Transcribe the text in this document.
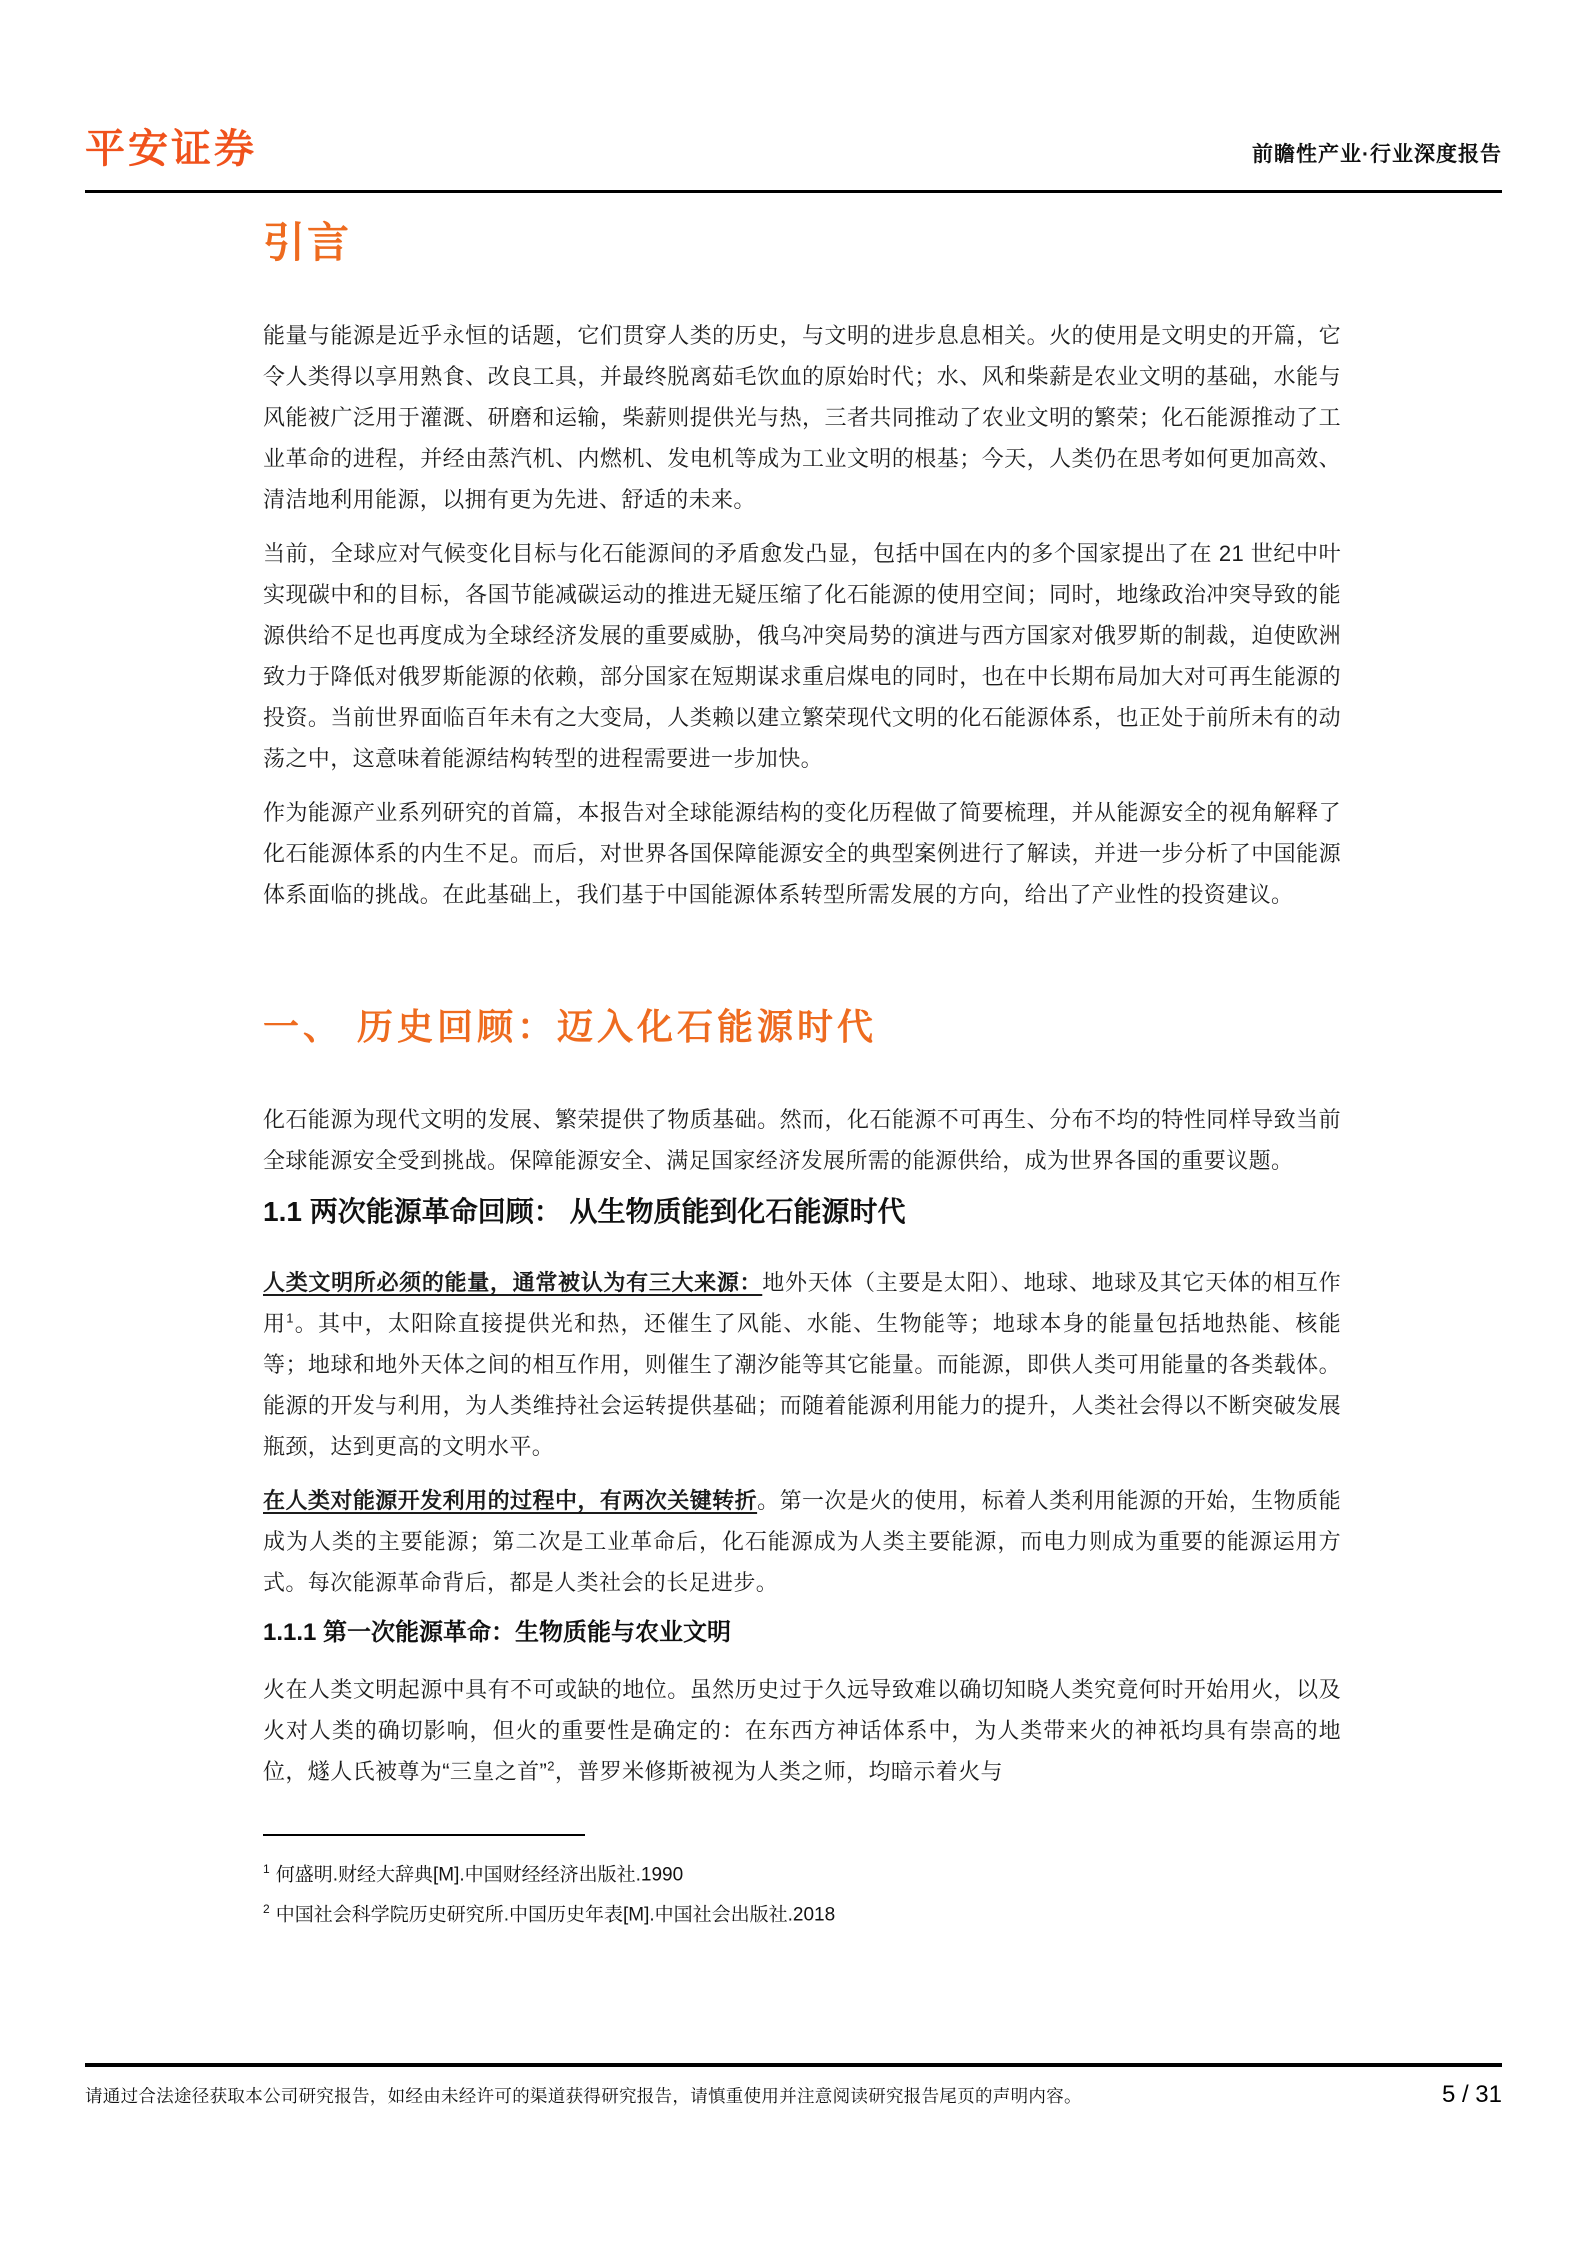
平安证券	前瞻性产业·行业深度报告
引言

能量与能源是近乎永恒的话题，它们贯穿人类的历史，与文明的进步息息相关。火的使用是文明史的开篇，它令人类得以享用熟食、改良工具，并最终脱离茹毛饮血的原始时代；水、风和柴薪是农业文明的基础，水能与风能被广泛用于灌溉、研磨和运输，柴薪则提供光与热，三者共同推动了农业文明的繁荣；化石能源推动了工业革命的进程，并经由蒸汽机、内燃机、发电机等成为工业文明的根基；今天，人类仍在思考如何更加高效、清洁地利用能源，以拥有更为先进、舒适的未来。

当前，全球应对气候变化目标与化石能源间的矛盾愈发凸显，包括中国在内的多个国家提出了在 21 世纪中叶实现碳中和的目标，各国节能减碳运动的推进无疑压缩了化石能源的使用空间；同时，地缘政治冲突导致的能源供给不足也再度成为全球经济发展的重要威胁，俄乌冲突局势的演进与西方国家对俄罗斯的制裁，迫使欧洲致力于降低对俄罗斯能源的依赖，部分国家在短期谋求重启煤电的同时，也在中长期布局加大对可再生能源的投资。当前世界面临百年未有之大变局，人类赖以建立繁荣现代文明的化石能源体系，也正处于前所未有的动荡之中，这意味着能源结构转型的进程需要进一步加快。

作为能源产业系列研究的首篇，本报告对全球能源结构的变化历程做了简要梳理，并从能源安全的视角解释了化石能源体系的内生不足。而后，对世界各国保障能源安全的典型案例进行了解读，并进一步分析了中国能源体系面临的挑战。在此基础上，我们基于中国能源体系转型所需发展的方向，给出了产业性的投资建议。

一、 历史回顾：迈入化石能源时代

化石能源为现代文明的发展、繁荣提供了物质基础。然而，化石能源不可再生、分布不均的特性同样导致当前全球能源安全受到挑战。保障能源安全、满足国家经济发展所需的能源供给，成为世界各国的重要议题。

1.1 两次能源革命回顾： 从生物质能到化石能源时代

人类文明所必须的能量，通常被认为有三大来源：地外天体（主要是太阳）、地球、地球及其它天体的相互作用$^1$。其中，太阳除直接提供光和热，还催生了风能、水能、生物能等；地球本身的能量包括地热能、核能等；地球和地外天体之间的相互作用，则催生了潮汐能等其它能量。而能源，即供人类可用能量的各类载体。能源的开发与利用，为人类维持社会运转提供基础；而随着能源利用能力的提升，人类社会得以不断突破发展瓶颈，达到更高的文明水平。

在人类对能源开发利用的过程中，有两次关键转折。第一次是火的使用，标着人类利用能源的开始，生物质能成为人类的主要能源；第二次是工业革命后，化石能源成为人类主要能源，而电力则成为重要的能源运用方式。每次能源革命背后，都是人类社会的长足进步。

1.1.1 第一次能源革命：生物质能与农业文明

火在人类文明起源中具有不可或缺的地位。虽然历史过于久远导致难以确切知晓人类究竟何时开始用火，以及火对人类的确切影响，但火的重要性是确定的：在东西方神话体系中，为人类带来火的神祇均具有崇高的地位，燧人氏被尊为“三皇之首”$^2$，普罗米修斯被视为人类之师，均暗示着火与

$^1$ 何盛明.财经大辞典[M].中国财经经济出版社.1990
$^2$ 中国社会科学院历史研究所.中国历史年表[M].中国社会出版社.2018
请通过合法途径获取本公司研究报告，如经由未经许可的渠道获得研究报告，请慎重使用并注意阅读研究报告尾页的声明内容。	5 / 31
